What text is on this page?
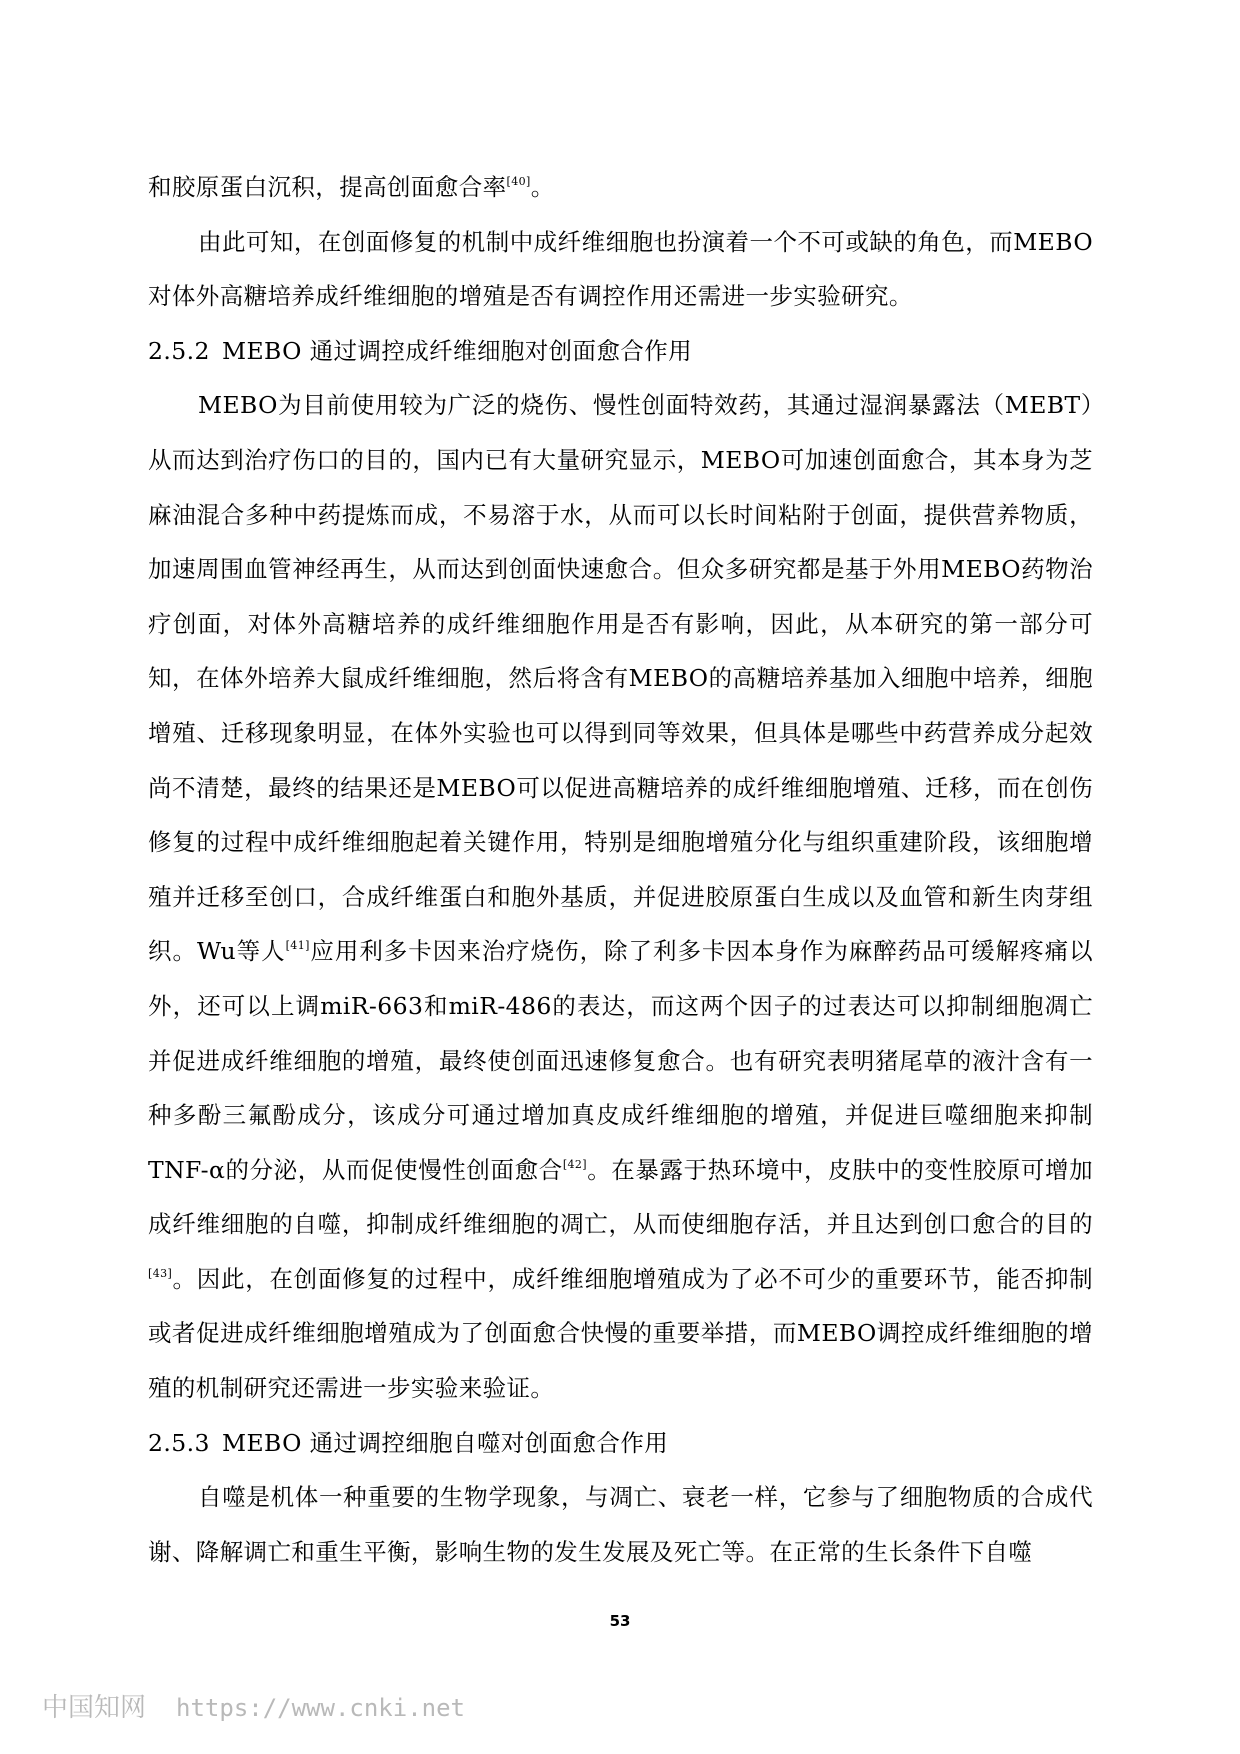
和胶原蛋白沉积，提高创面愈合率[40]。

由此可知，在创面修复的机制中成纤维细胞也扮演着一个不可或缺的角色，而MEBO对体外高糖培养成纤维细胞的增殖是否有调控作用还需进一步实验研究。

2.5.2 MEBO 通过调控成纤维细胞对创面愈合作用

MEBO为目前使用较为广泛的烧伤、慢性创面特效药，其通过湿润暴露法（MEBT）从而达到治疗伤口的目的，国内已有大量研究显示，MEBO可加速创面愈合，其本身为芝麻油混合多种中药提炼而成，不易溶于水，从而可以长时间粘附于创面，提供营养物质，加速周围血管神经再生，从而达到创面快速愈合。但众多研究都是基于外用MEBO药物治疗创面，对体外高糖培养的成纤维细胞作用是否有影响，因此，从本研究的第一部分可知，在体外培养大鼠成纤维细胞，然后将含有MEBO的高糖培养基加入细胞中培养，细胞增殖、迁移现象明显，在体外实验也可以得到同等效果，但具体是哪些中药营养成分起效尚不清楚，最终的结果还是MEBO可以促进高糖培养的成纤维细胞增殖、迁移，而在创伤修复的过程中成纤维细胞起着关键作用，特别是细胞增殖分化与组织重建阶段，该细胞增殖并迁移至创口，合成纤维蛋白和胞外基质，并促进胶原蛋白生成以及血管和新生肉芽组织。Wu等人[41]应用利多卡因来治疗烧伤，除了利多卡因本身作为麻醉药品可缓解疼痛以外，还可以上调miR-663和miR-486的表达，而这两个因子的过表达可以抑制细胞凋亡并促进成纤维细胞的增殖，最终使创面迅速修复愈合。也有研究表明猪尾草的液汁含有一种多酚三氟酚成分，该成分可通过增加真皮成纤维细胞的增殖，并促进巨噬细胞来抑制TNF-α的分泌，从而促使慢性创面愈合[42]。在暴露于热环境中，皮肤中的变性胶原可增加成纤维细胞的自噬，抑制成纤维细胞的凋亡，从而使细胞存活，并且达到创口愈合的目的[43]。因此，在创面修复的过程中，成纤维细胞增殖成为了必不可少的重要环节，能否抑制或者促进成纤维细胞增殖成为了创面愈合快慢的重要举措，而MEBO调控成纤维细胞的增殖的机制研究还需进一步实验来验证。

2.5.3 MEBO 通过调控细胞自噬对创面愈合作用

自噬是机体一种重要的生物学现象，与凋亡、衰老一样，它参与了细胞物质的合成代谢、降解调亡和重生平衡，影响生物的发生发展及死亡等。在正常的生长条件下自噬

53
中国知网 https://www.cnki.net
